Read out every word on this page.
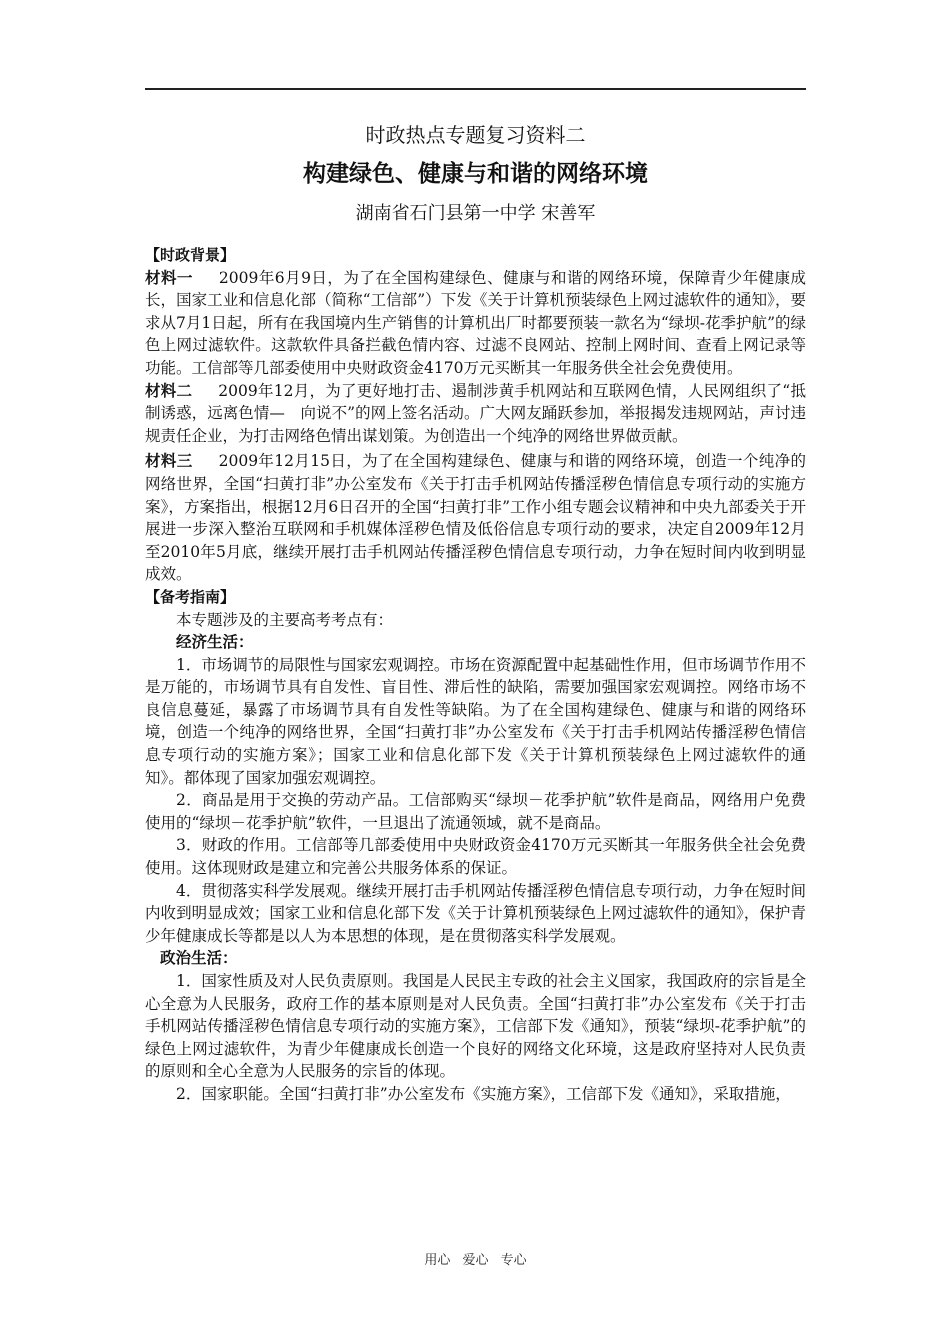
时政热点专题复习资料二
构建绿色、健康与和谐的网络环境
湖南省石门县第一中学 宋善军

【时政背景】

材料一 2009年6月9日，为了在全国构建绿色、健康与和谐的网络环境，保障青少年健康成长，国家工业和信息化部（简称“工信部”）下发《关于计算机预装绿色上网过滤软件的通知》，要求从7月1日起，所有在我国境内生产销售的计算机出厂时都要预装一款名为“绿坝-花季护航”的绿色上网过滤软件。这款软件具备拦截色情内容、过滤不良网站、控制上网时间、查看上网记录等功能。工信部等几部委使用中央财政资金4170万元买断其一年服务供全社会免费使用。

材料二 2009年12月，为了更好地打击、遏制涉黄手机网站和互联网色情，人民网组织了“抵制诱惑，远离色情—　向说不”的网上签名活动。广大网友踊跃参加，举报揭发违规网站，声讨违规责任企业，为打击网络色情出谋划策。为创造出一个纯净的网络世界做贡献。

材料三 2009年12月15日，为了在全国构建绿色、健康与和谐的网络环境，创造一个纯净的网络世界，全国“扫黄打非”办公室发布《关于打击手机网站传播淫秽色情信息专项行动的实施方案》，方案指出，根据12月6日召开的全国“扫黄打非”工作小组专题会议精神和中央九部委关于开展进一步深入整治互联网和手机媒体淫秽色情及低俗信息专项行动的要求，决定自2009年12月至2010年5月底，继续开展打击手机网站传播淫秽色情信息专项行动，力争在短时间内收到明显成效。

【备考指南】

本专题涉及的主要高考考点有：

经济生活：

1．市场调节的局限性与国家宏观调控。市场在资源配置中起基础性作用，但市场调节作用不是万能的，市场调节具有自发性、盲目性、滞后性的缺陷，需要加强国家宏观调控。网络市场不良信息蔓延，暴露了市场调节具有自发性等缺陷。为了在全国构建绿色、健康与和谐的网络环境，创造一个纯净的网络世界，全国“扫黄打非”办公室发布《关于打击手机网站传播淫秽色情信息专项行动的实施方案》；国家工业和信息化部下发《关于计算机预装绿色上网过滤软件的通知》。都体现了国家加强宏观调控。

2．商品是用于交换的劳动产品。工信部购买“绿坝－花季护航”软件是商品，网络用户免费使用的“绿坝－花季护航”软件，一旦退出了流通领域，就不是商品。

3．财政的作用。工信部等几部委使用中央财政资金4170万元买断其一年服务供全社会免费使用。这体现财政是建立和完善公共服务体系的保证。

4．贯彻落实科学发展观。继续开展打击手机网站传播淫秽色情信息专项行动，力争在短时间内收到明显成效；国家工业和信息化部下发《关于计算机预装绿色上网过滤软件的通知》，保护青少年健康成长等都是以人为本思想的体现，是在贯彻落实科学发展观。

政治生活：

1．国家性质及对人民负责原则。我国是人民民主专政的社会主义国家，我国政府的宗旨是全心全意为人民服务，政府工作的基本原则是对人民负责。全国“扫黄打非”办公室发布《关于打击手机网站传播淫秽色情信息专项行动的实施方案》，工信部下发《通知》，预装“绿坝-花季护航”的绿色上网过滤软件，为青少年健康成长创造一个良好的网络文化环境，这是政府坚持对人民负责的原则和全心全意为人民服务的宗旨的体现。

2．国家职能。全国“扫黄打非”办公室发布《实施方案》，工信部下发《通知》，采取措施，

用心 爱心 专心
